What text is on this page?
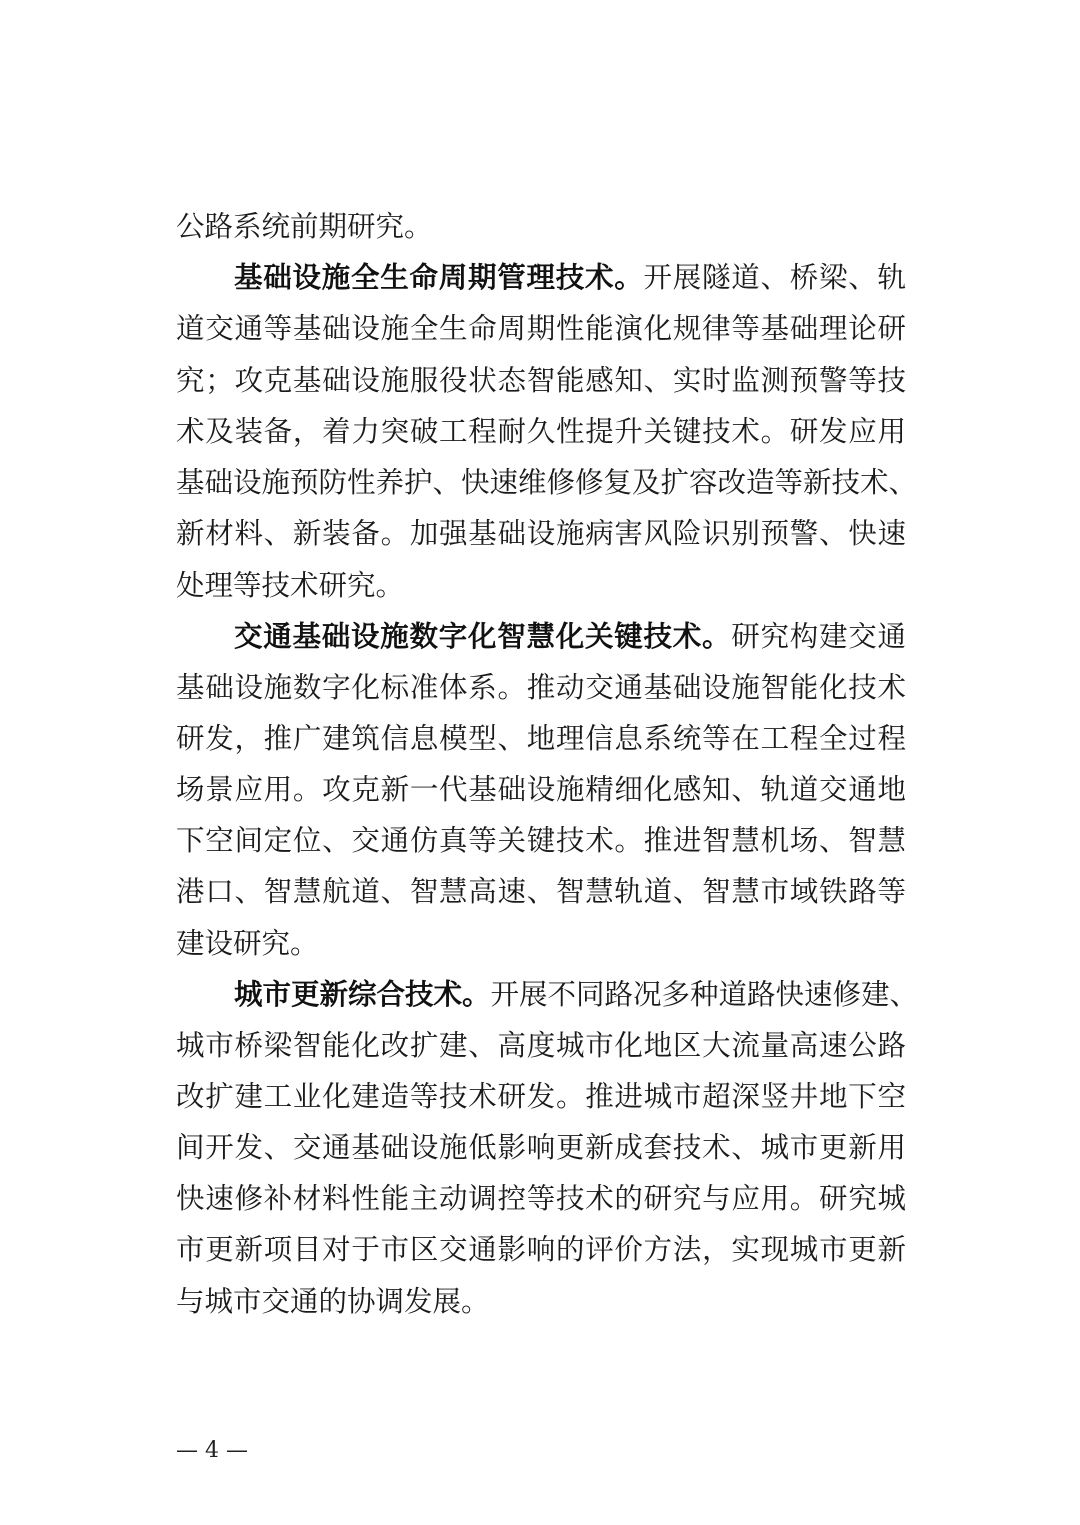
公路系统前期研究。
基础设施全生命周期管理技术。开展隧道、桥梁、轨
道交通等基础设施全生命周期性能演化规律等基础理论研
究；攻克基础设施服役状态智能感知、实时监测预警等技
术及装备，着力突破工程耐久性提升关键技术。研发应用
基础设施预防性养护、快速维修修复及扩容改造等新技术、
新材料、新装备。加强基础设施病害风险识别预警、快速
处理等技术研究。
交通基础设施数字化智慧化关键技术。研究构建交通
基础设施数字化标准体系。推动交通基础设施智能化技术
研发，推广建筑信息模型、地理信息系统等在工程全过程
场景应用。攻克新一代基础设施精细化感知、轨道交通地
下空间定位、交通仿真等关键技术。推进智慧机场、智慧
港口、智慧航道、智慧高速、智慧轨道、智慧市域铁路等
建设研究。
城市更新综合技术。开展不同路况多种道路快速修建、
城市桥梁智能化改扩建、高度城市化地区大流量高速公路
改扩建工业化建造等技术研发。推进城市超深竖井地下空
间开发、交通基础设施低影响更新成套技术、城市更新用
快速修补材料性能主动调控等技术的研究与应用。研究城
市更新项目对于市区交通影响的评价方法，实现城市更新
与城市交通的协调发展。
— 4 —
